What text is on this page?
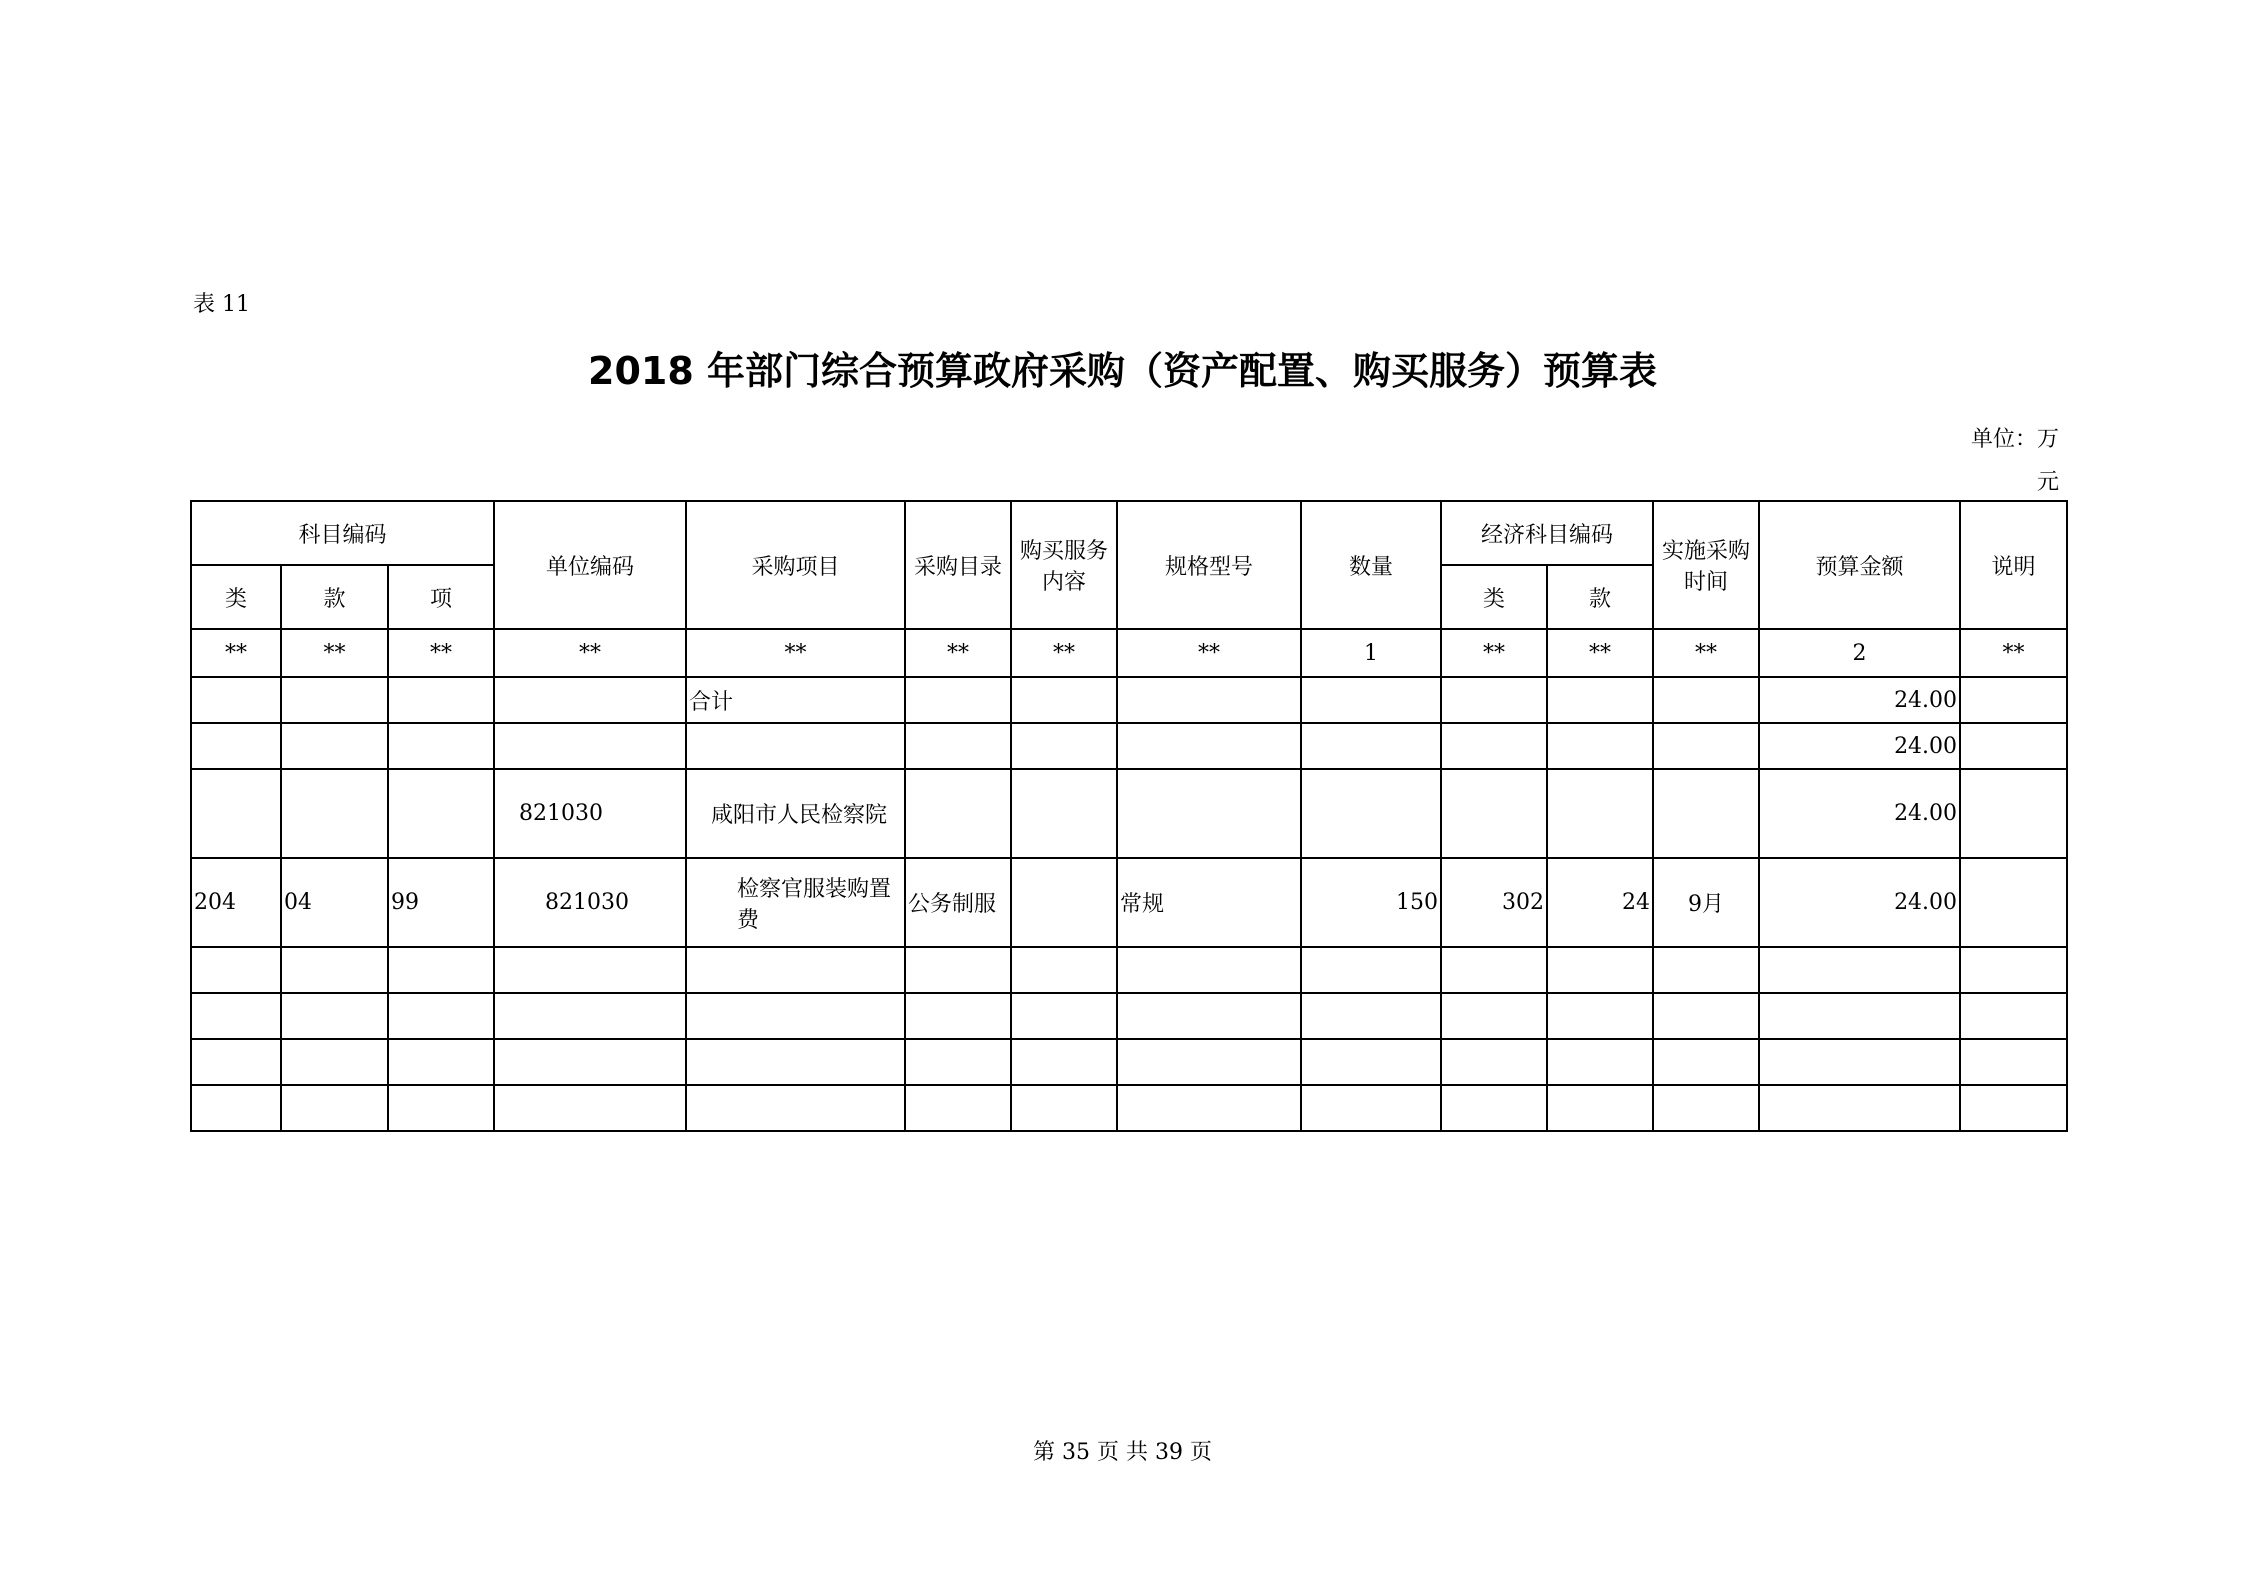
表 11
2018 年部门综合预算政府采购（资产配置、购买服务）预算表
单位：万
元
科目编码			单位编码	采购项目	采购目录	购买服务内容	规格型号	数量	经济科目编码		实施采购时间	预算金额	说明
类	款	项							类	款			
**	**	**	**	**	**	**	**	1	**	**	**	2	**
				合计								24.00	
												24.00	
			821030	咸阳市人民检察院								24.00	
204	04	99	821030	检察官服装购置费	公务制服		常规	150	302	24	9月	24.00	

第 35 页 共 39 页
